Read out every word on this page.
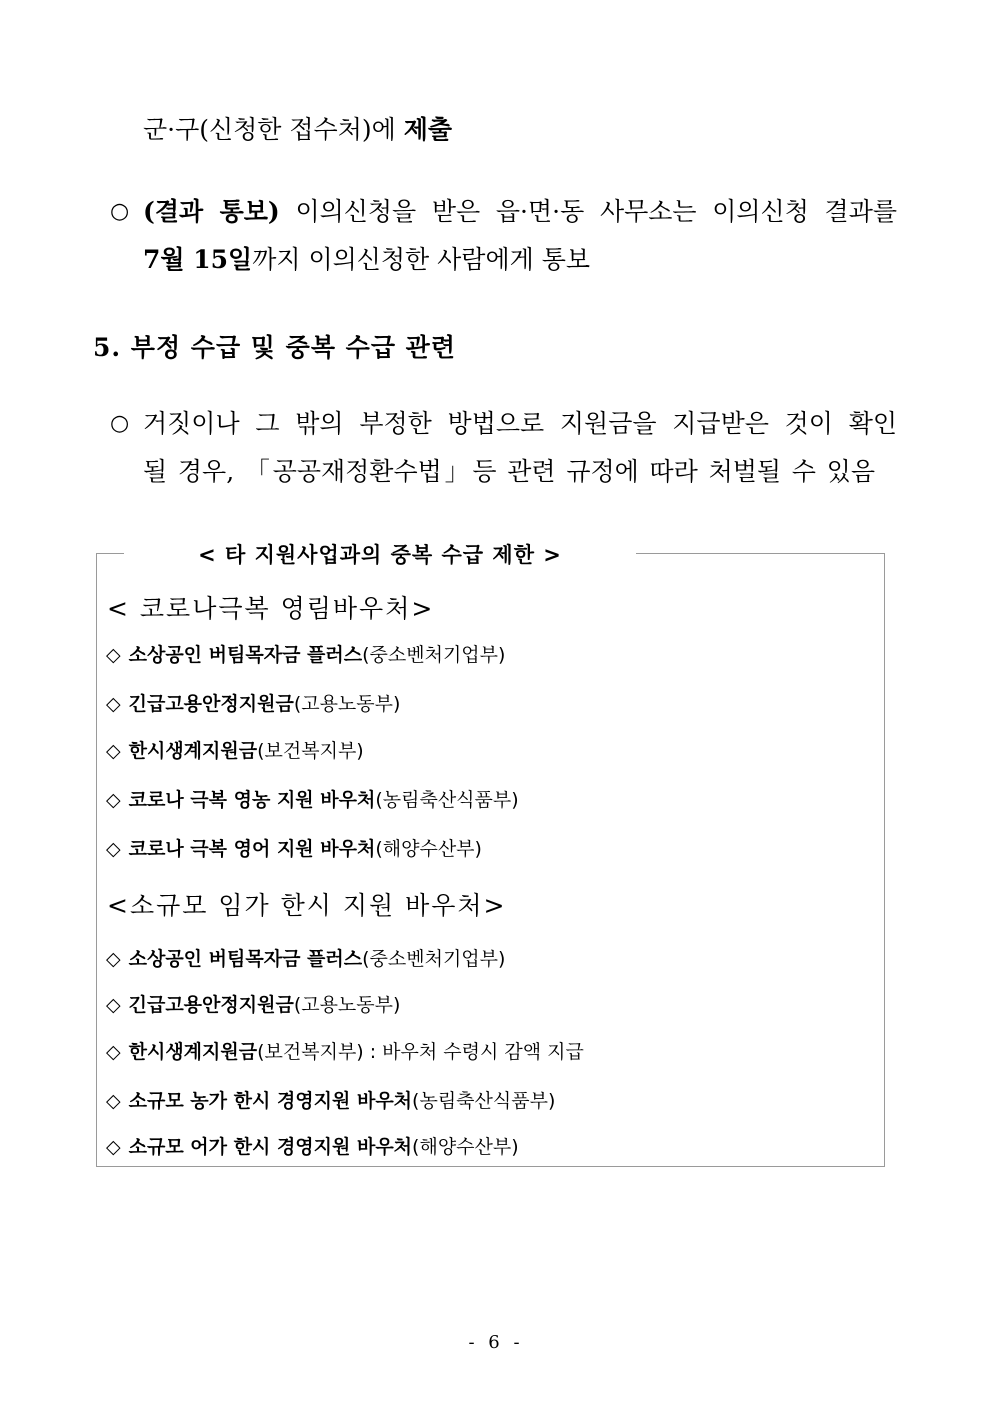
군·구(신청한 접수처)에 제출
○ (결과 통보) 이의신청을 받은 읍·면·동 사무소는 이의신청 결과를
7월 15일까지 이의신청한 사람에게 통보
5. 부정 수급 및 중복 수급 관련
○ 거짓이나 그 밖의 부정한 방법으로 지원금을 지급받은 것이 확인
될 경우, 「공공재정환수법」등 관련 규정에 따라 처벌될 수 있음
< 타 지원사업과의 중복 수급 제한 >
< 코로나극복 영림바우처>
◇ 소상공인 버팀목자금 플러스(중소벤처기업부)
◇ 긴급고용안정지원금(고용노동부)
◇ 한시생계지원금(보건복지부)
◇ 코로나 극복 영농 지원 바우처(농림축산식품부)
◇ 코로나 극복 영어 지원 바우처(해양수산부)
<소규모 임가 한시 지원 바우처>
◇ 소상공인 버팀목자금 플러스(중소벤처기업부)
◇ 긴급고용안정지원금(고용노동부)
◇ 한시생계지원금(보건복지부) : 바우처 수령시 감액 지급
◇ 소규모 농가 한시 경영지원 바우처(농림축산식품부)
◇ 소규모 어가 한시 경영지원 바우처(해양수산부)
- 6 -
